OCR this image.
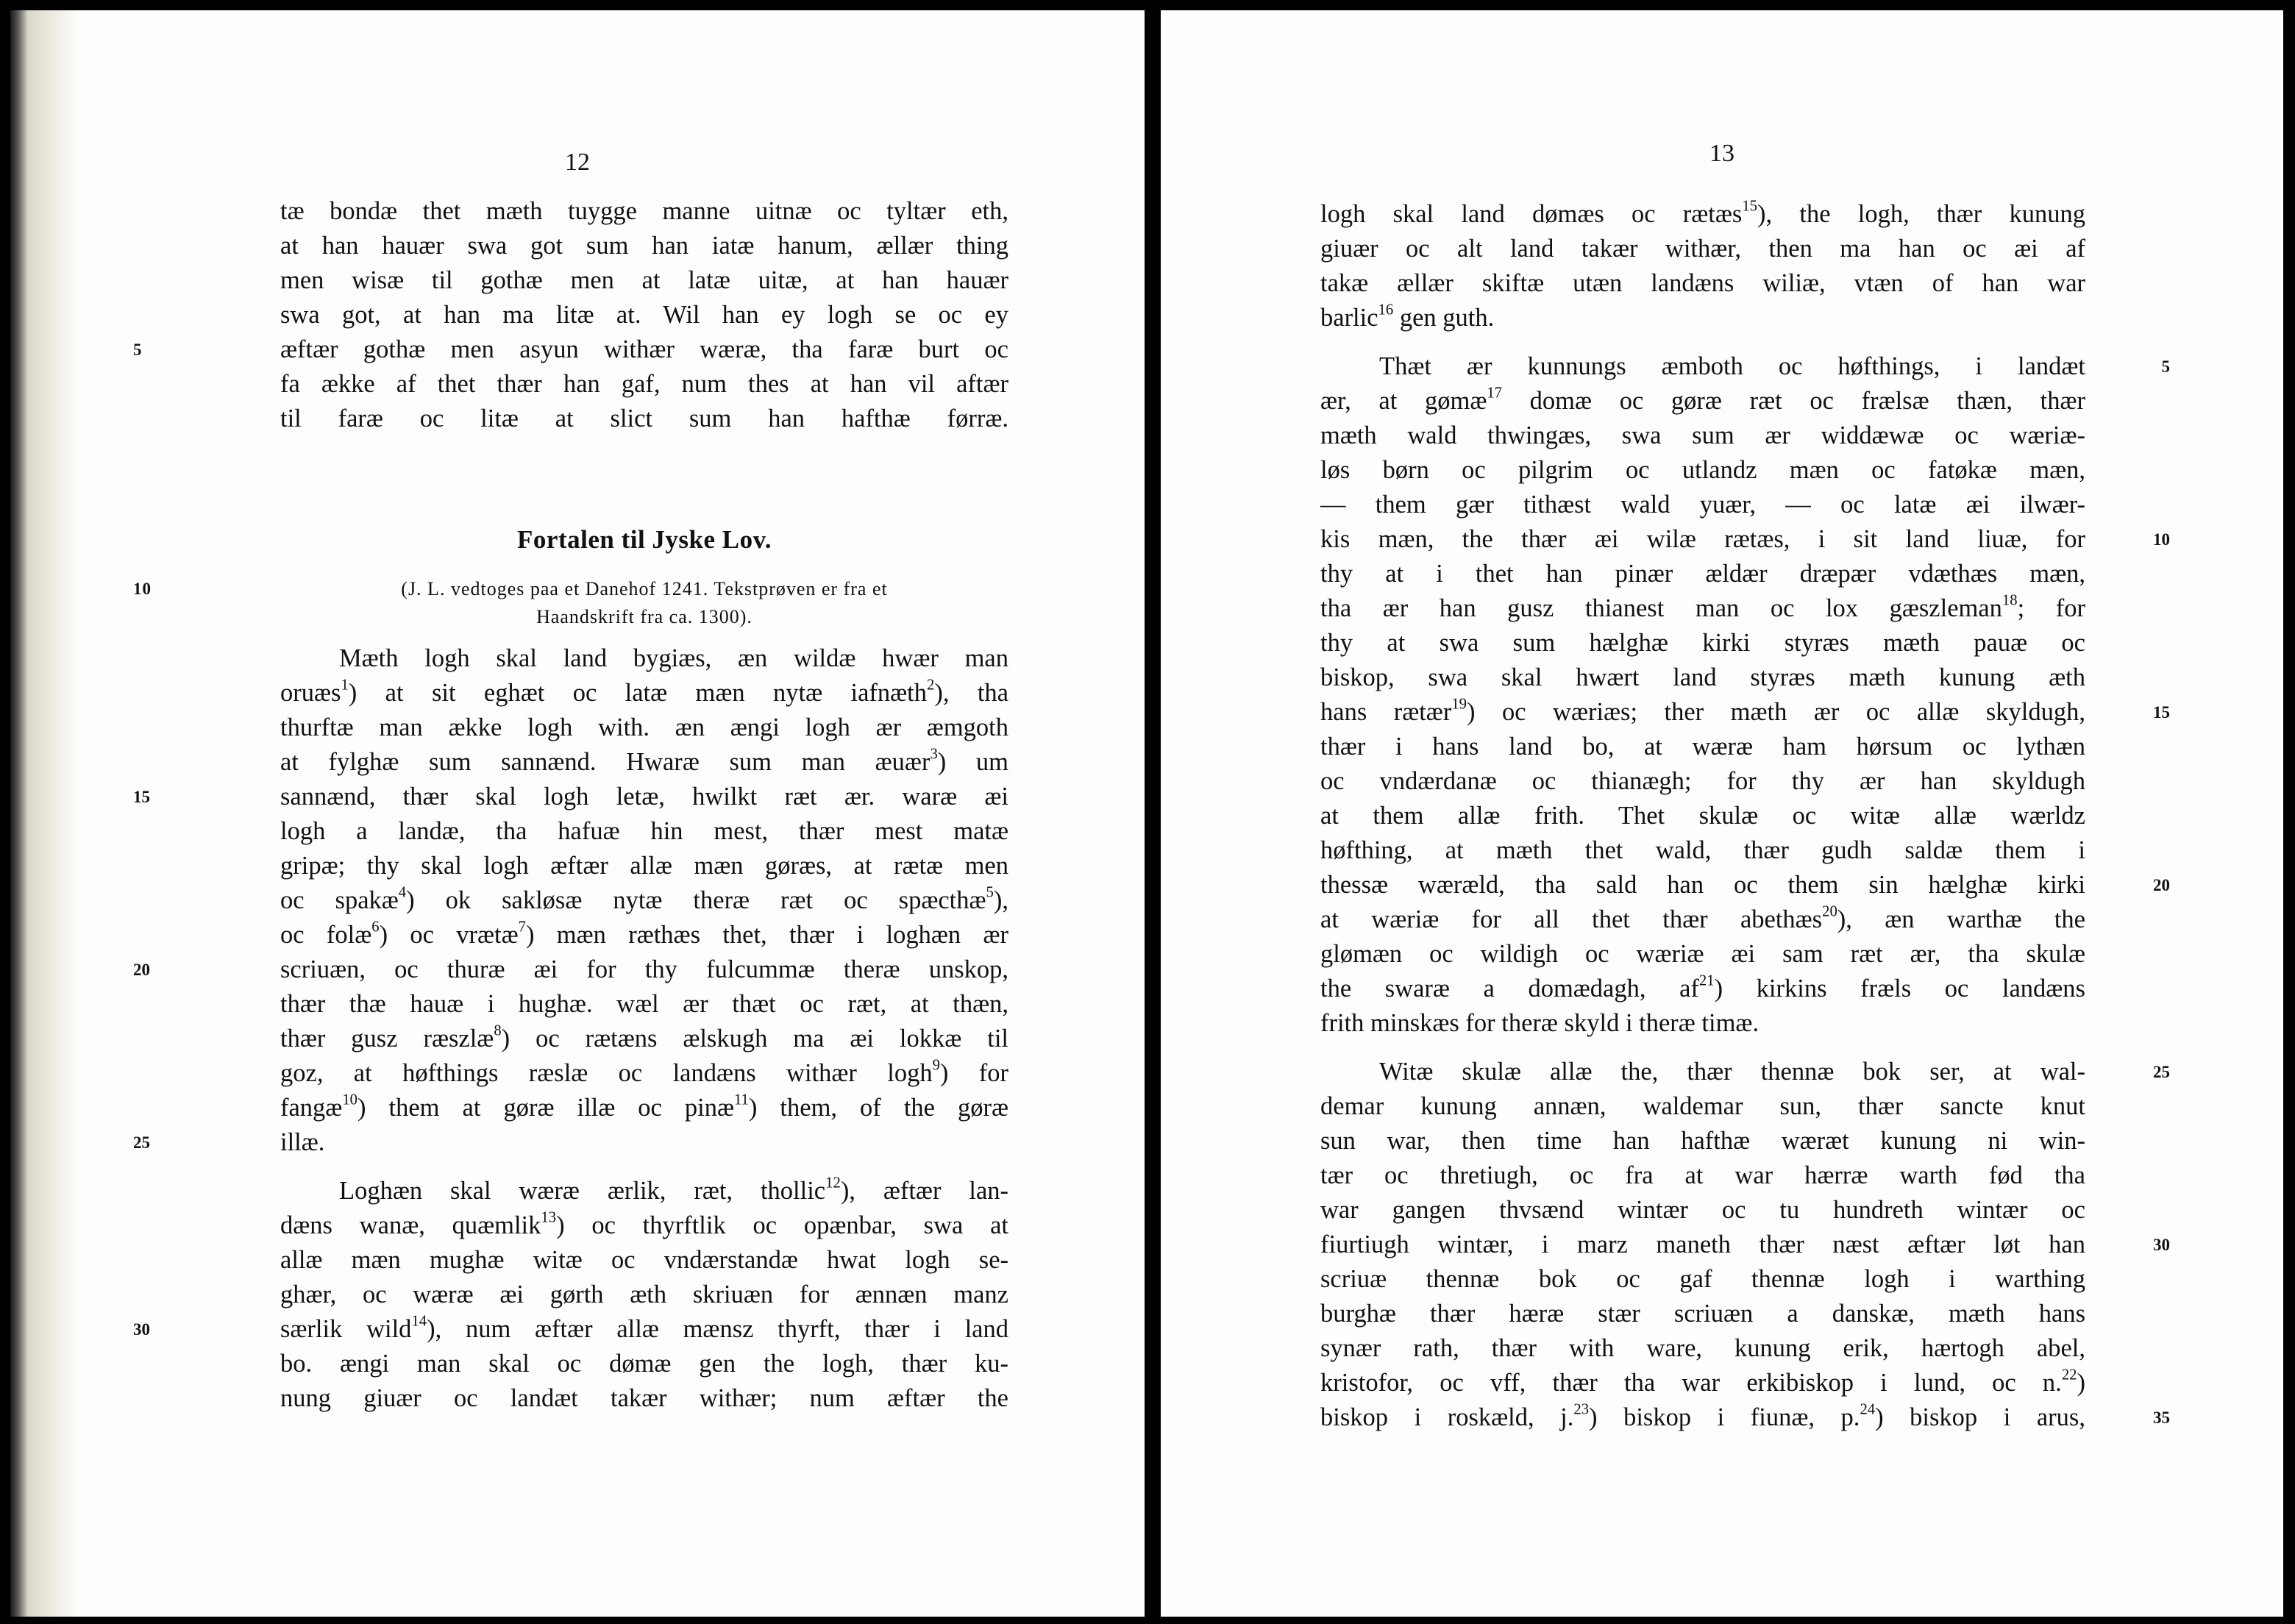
12
tæ bondæ thet mæth tuygge manne uitnæ oc tyltær eth,
at han hauær swa got sum han iatæ hanum, ællær thing
men wisæ til gothæ men at latæ uitæ, at han hauær
swa got, at han ma litæ at. Wil han ey logh se oc ey
5	æftær gothæ men asyun withær wæræ, tha faræ burt oc
fa ække af thet thær han gaf, num thes at han vil aftær
til faræ oc litæ at slict sum han hafthæ førræ.
Fortalen til Jyske Lov.
10	(J. L. vedtoges paa et Danehof 1241. Tekstprøven er fra et
Haandskrift fra ca. 1300).
Mæth logh skal land bygiæs, æn wildæ hwær man
oruæs$^1$) at sit eghæt oc latæ mæn nytæ iafnæth$^2$), tha
thurftæ man ække logh with. æn ængi logh ær æmgoth
at fylghæ sum sannænd. Hwaræ sum man æuær$^3$) um
15	sannænd, thær skal logh letæ, hwilkt ræt ær. waræ æi
logh a landæ, tha hafuæ hin mest, thær mest matæ
gripæ; thy skal logh æftær allæ mæn gøræs, at rætæ men
oc spakæ$^4$) ok sakløsæ nytæ theræ ræt oc spæcthæ$^5$),
oc folæ$^6$) oc vrætæ$^7$) mæn ræthæs thet, thær i loghæn ær
20	scriuæn, oc thuræ æi for thy fulcummæ theræ unskop,
thær thæ hauæ i hughæ. wæl ær thæt oc ræt, at thæn,
thær gusz ræszlæ$^8$) oc rætæns ælskugh ma æi lokkæ til
goz, at høfthings ræslæ oc landæns withær logh$^9$) for
fangæ$^{10}$) them at gøræ illæ oc pinæ$^{11}$) them, of the gøræ
25	illæ.
Loghæn skal wæræ ærlik, ræt, thollic$^{12}$), æftær lan-
dæns wanæ, quæmlik$^{13}$) oc thyrftlik oc opænbar, swa at
allæ mæn mughæ witæ oc vndærstandæ hwat logh se-
ghær, oc wæræ æi gørth æth skriuæn for ænnæn manz
30	særlik wild$^{14}$), num æftær allæ mænsz thyrft, thær i land
bo. ængi man skal oc dømæ gen the logh, thær ku-
nung giuær oc landæt takær withær; num æftær the
13
logh skal land dømæs oc rætæs$^{15}$), the logh, thær kunung
giuær oc alt land takær withær, then ma han oc æi af
takæ ællær skiftæ utæn landæns wiliæ, vtæn of han war
barlic$^{16}$ gen guth.
5
Thæt ær kunnungs æmboth oc høfthings, i landæt
ær, at gømæ$^{17}$ domæ oc gøræ ræt oc frælsæ thæn, thær
mæth wald thwingæs, swa sum ær widdæwæ oc wæriæ-
løs børn oc pilgrim oc utlandz mæn oc fatøkæ mæn,
— them gær tithæst wald yuær, — oc latæ æi ilwær-
10
kis mæn, the thær æi wilæ rætæs, i sit land liuæ, for
thy at i thet han pinær ældær dræpær vdæthæs mæn,
tha ær han gusz thianest man oc lox gæszleman$^{18}$; for
thy at swa sum hælghæ kirki styræs mæth pauæ oc
biskop, swa skal hwært land styræs mæth kunung æth
15
hans rætær$^{19}$) oc wæriæs; ther mæth ær oc allæ skyldugh,
thær i hans land bo, at wæræ ham hørsum oc lythæn
oc vndærdanæ oc thianægh; for thy ær han skyldugh
at them allæ frith. Thet skulæ oc witæ allæ wærldz
høfthing, at mæth thet wald, thær gudh saldæ them i
20
thessæ wæræld, tha sald han oc them sin hælghæ kirki
at wæriæ for all thet thær abethæs$^{20}$), æn warthæ the
glømæn oc wildigh oc wæriæ æi sam ræt ær, tha skulæ
the swaræ a domædagh, $af^{21}$) kirkins fræls oc landæns
frith minskæs for theræ skyld i theræ timæ.
25
Witæ skulæ allæ the, thær thennæ bok ser, at wal-
demar kunung annæn, waldemar sun, thær sancte knut
sun war, then time han hafthæ wæræt kunung ni win-
tær oc thretiugh, oc fra at war hærræ warth fød tha
war gangen thvsænd wintær oc tu hundreth wintær oc
30
fiurtiugh wintær, i marz maneth thær næst æftær løt han
scriuæ thennæ bok oc gaf thennæ logh i warthing
burghæ thær hæræ stær scriuæn a danskæ, mæth hans
synær rath, thær with ware, kunung erik, hærtogh abel,
kristofor, oc vff, thær tha war erkibiskop i lund, oc n.$^{22}$)
35
biskop i roskæld, j.$^{23}$) biskop i fiunæ, p.$^{24}$) biskop i arus,
